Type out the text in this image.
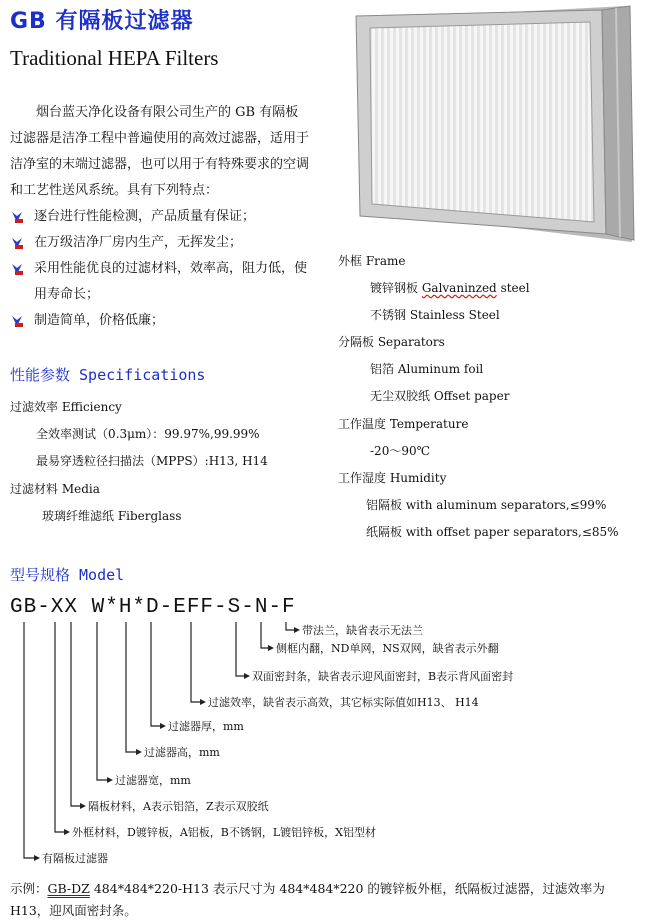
GB 有隔板过滤器
Traditional HEPA Filters
烟台蓝天净化设备有限公司生产的 GB 有隔板过滤器是洁净工程中普遍使用的高效过滤器，适用于洁净室的末端过滤器，也可以用于有特殊要求的空调和工艺性送风系统。具有下列特点：
逐台进行性能检测，产品质量有保证；
在万级洁净厂房内生产，无挥发尘；
采用性能优良的过滤材料，效率高，阻力低，使用寿命长；
制造简单，价格低廉；
性能参数 Specifications
过滤效率 Efficiency
全效率测试（0.3μm）：99.97%,99.99%
最易穿透粒径扫描法（MPPS）:H13, H14
过滤材料 Media
玻璃纤维滤纸 Fiberglass
外框 Frame
镀锌钢板 Galvaninzed steel
不锈钢 Stainless Steel
分隔板 Separators
铝箔 Aluminum foil
无尘双胶纸 Offset paper
工作温度 Temperature
-20～90℃
工作湿度 Humidity
铝隔板 with aluminum separators,≤99%
纸隔板 with offset paper separators,≤85%
型号规格 Model
GB-XX W*H*D-EFF-S-N-F
带法兰，缺省表示无法兰
侧框内翻，ND单网，NS双网，缺省表示外翻
双面密封条，缺省表示迎风面密封，B表示背风面密封
过滤效率，缺省表示高效，其它标实际值如H13、 H14
过滤器厚，mm
过滤器高，mm
过滤器宽，mm
隔板材料，A表示铝箔，Z表示双胶纸
外框材料，D镀锌板，A铝板，B不锈钢，L镀铝锌板，X铝型材
有隔板过滤器
示例：GB-DZ 484*484*220-H13 表示尺寸为 484*484*220 的镀锌板外框，纸隔板过滤器，过滤效率为 H13，迎风面密封条。
